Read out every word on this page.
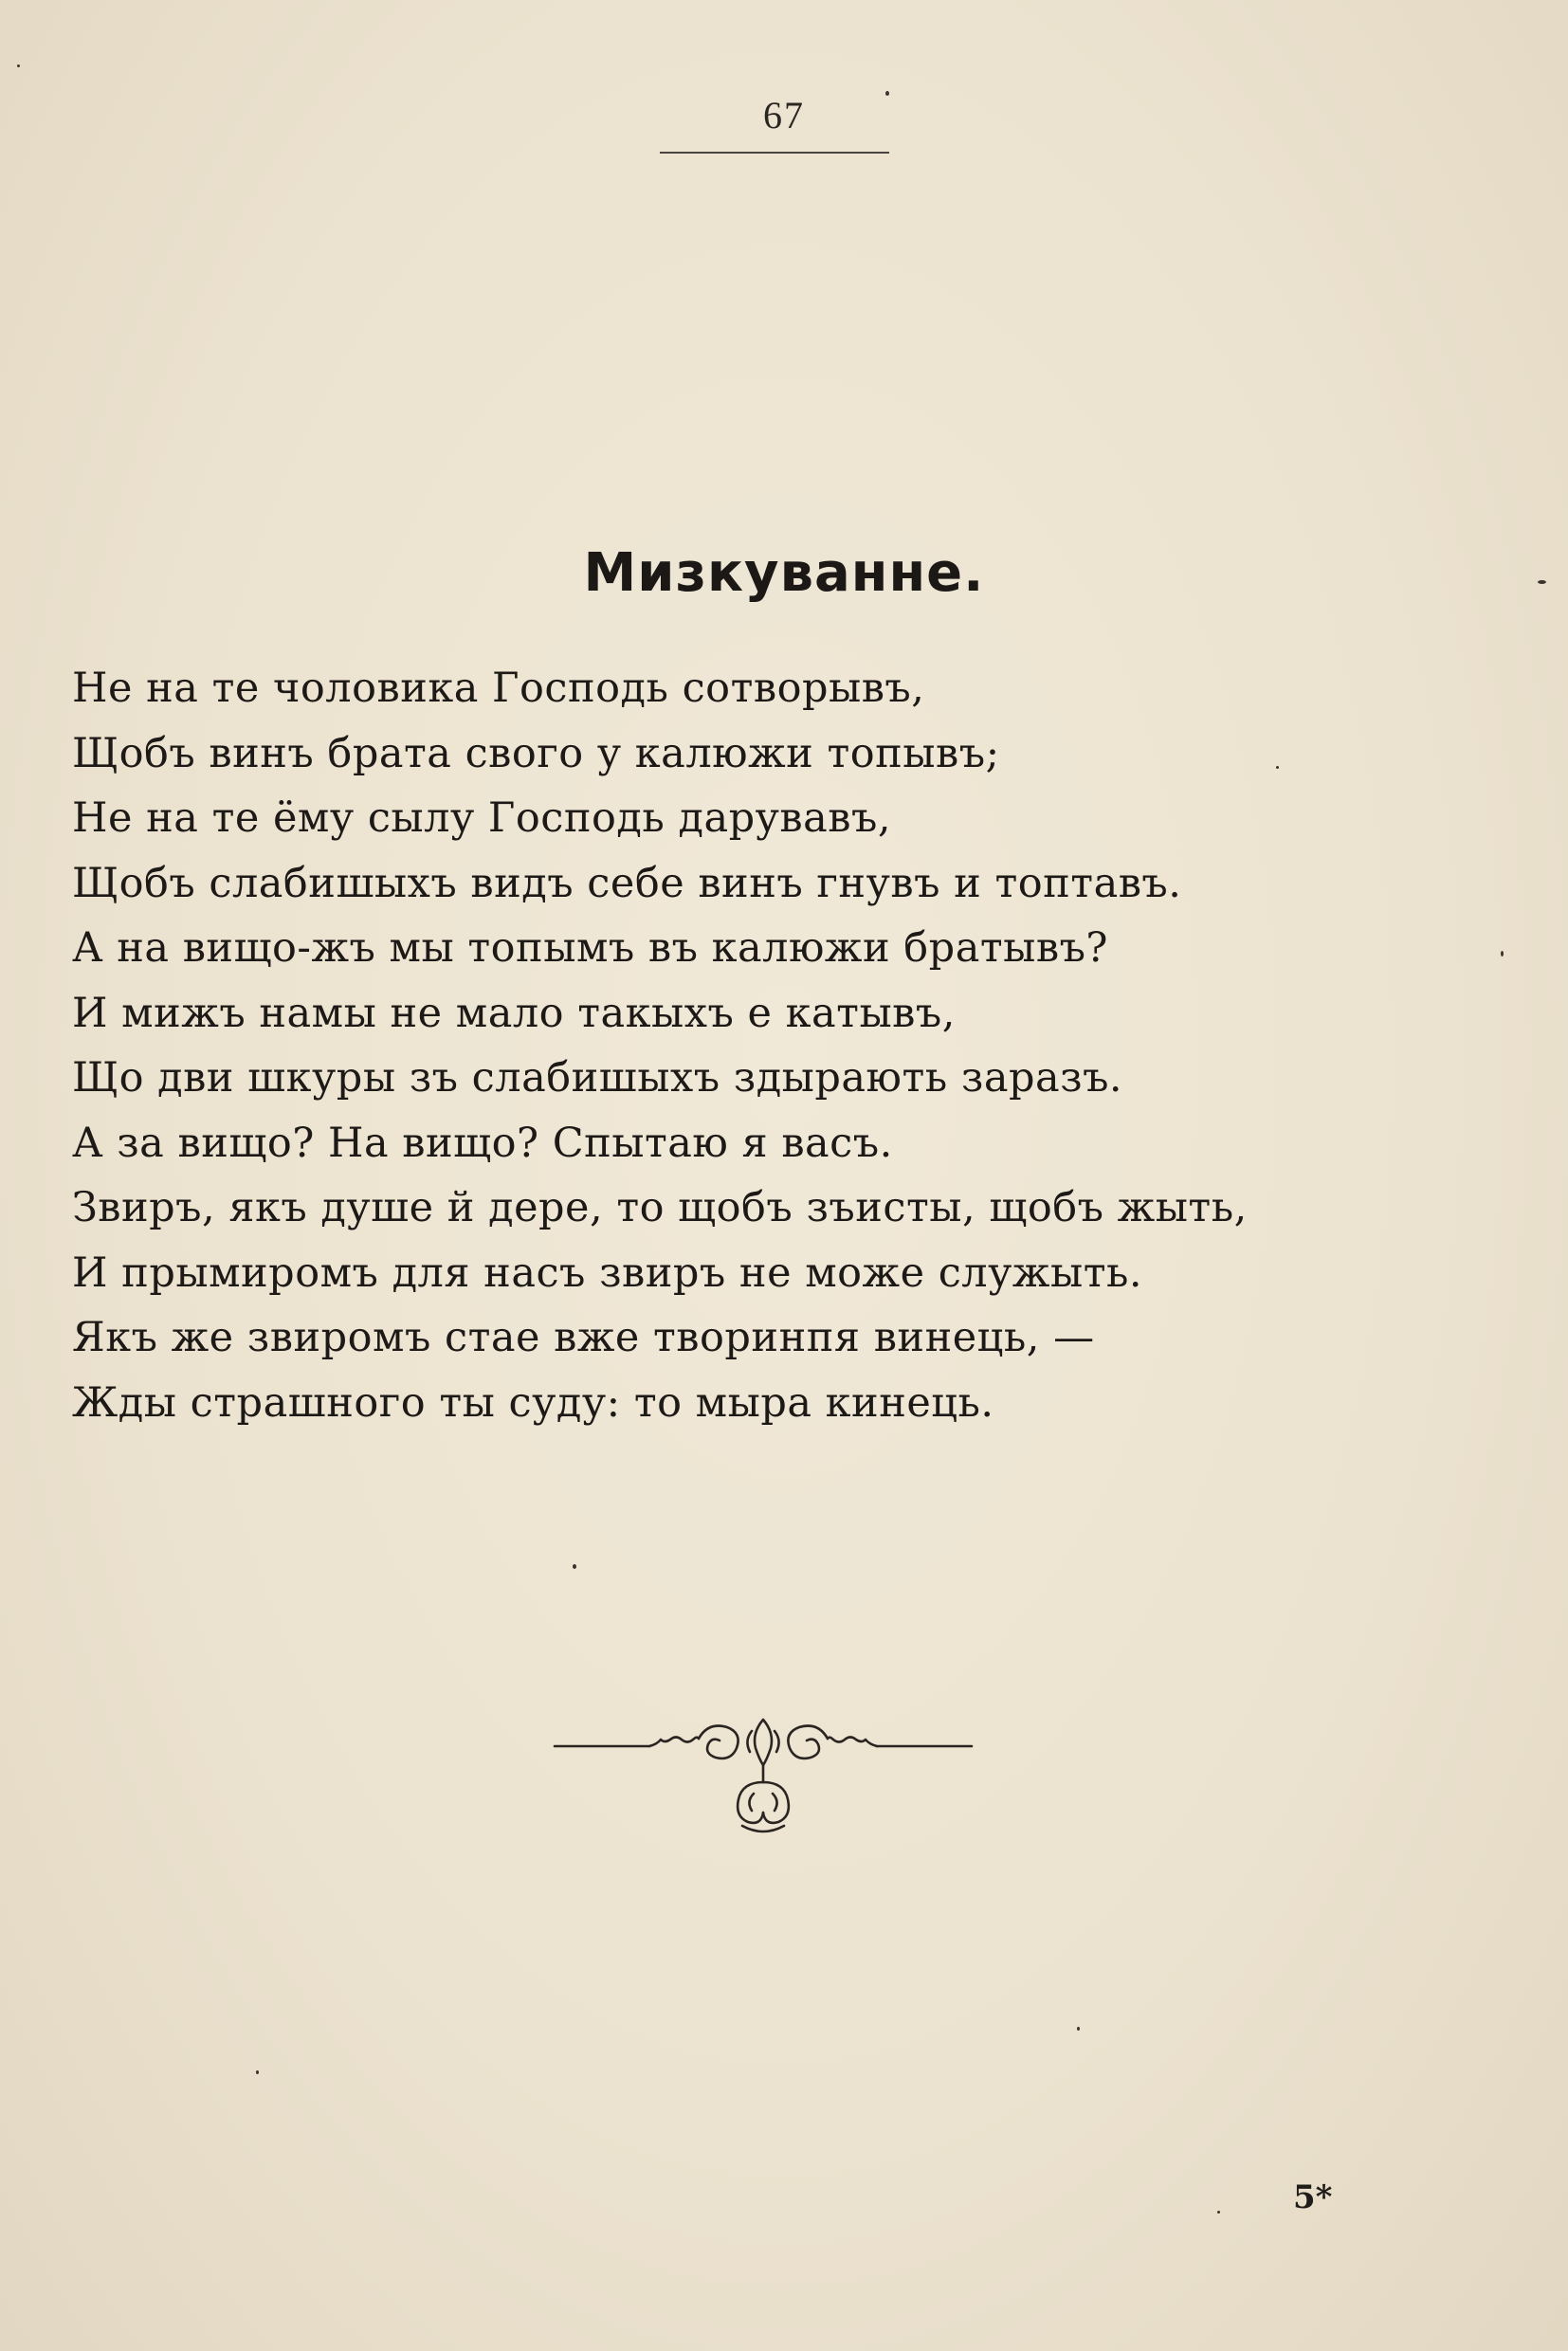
67
Мизкуванне.
Не на те чоловика Господь сотворывъ,
Щобъ винъ брата свого у калюжи топывъ;
Не на те ёму сылу Господь дарувавъ,
Щобъ слабишыхъ видъ себе винъ гнувъ и топтавъ.
А на вищо-жъ мы топымъ въ калюжи братывъ?
И мижъ намы не мало такыхъ е катывъ,
Що дви шкуры зъ слабишыхъ здырають заразъ.
А за вищо? На вищо? Спытаю я васъ.
Звиръ, якъ душе й дере, то щобъ зъисты, щобъ жыть,
И прымиромъ для насъ звиръ не може служыть.
Якъ же звиромъ стае вже творинпя винець, —
Жды страшного ты суду: то мыра кинець.
5*
